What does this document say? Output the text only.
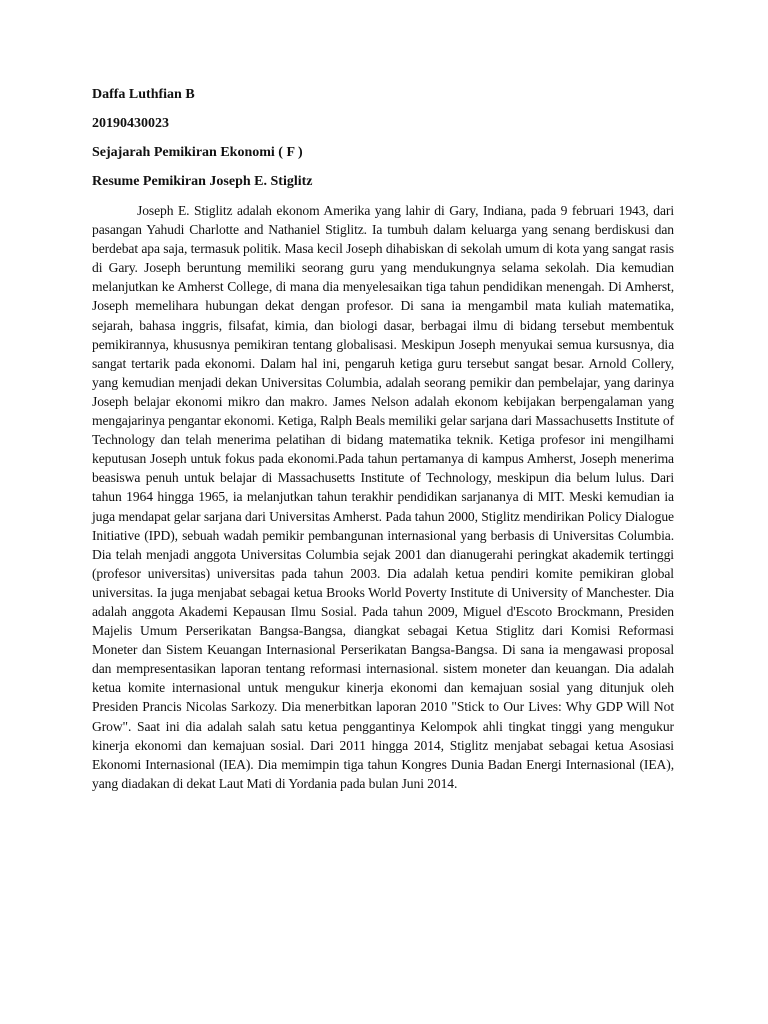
Daffa Luthfian B
20190430023
Sejajarah Pemikiran Ekonomi ( F )
Resume Pemikiran Joseph E. Stiglitz

Joseph E. Stiglitz adalah ekonom Amerika yang lahir di Gary, Indiana, pada 9 februari 1943, dari pasangan Yahudi Charlotte and Nathaniel Stiglitz. Ia tumbuh dalam keluarga yang senang berdiskusi dan berdebat apa saja, termasuk politik. Masa kecil Joseph dihabiskan di sekolah umum di kota yang sangat rasis di Gary. Joseph beruntung memiliki seorang guru yang mendukungnya selama sekolah. Dia kemudian melanjutkan ke Amherst College, di mana dia menyelesaikan tiga tahun pendidikan menengah. Di Amherst, Joseph memelihara hubungan dekat dengan profesor. Di sana ia mengambil mata kuliah matematika, sejarah, bahasa inggris, filsafat, kimia, dan biologi dasar, berbagai ilmu di bidang tersebut membentuk pemikirannya, khususnya pemikiran tentang globalisasi. Meskipun Joseph menyukai semua kursusnya, dia sangat tertarik pada ekonomi. Dalam hal ini, pengaruh ketiga guru tersebut sangat besar. Arnold Collery, yang kemudian menjadi dekan Universitas Columbia, adalah seorang pemikir dan pembelajar, yang darinya Joseph belajar ekonomi mikro dan makro. James Nelson adalah ekonom kebijakan berpengalaman yang mengajarinya pengantar ekonomi. Ketiga, Ralph Beals memiliki gelar sarjana dari Massachusetts Institute of Technology dan telah menerima pelatihan di bidang matematika teknik. Ketiga profesor ini mengilhami keputusan Joseph untuk fokus pada ekonomi.Pada tahun pertamanya di kampus Amherst, Joseph menerima beasiswa penuh untuk belajar di Massachusetts Institute of Technology, meskipun dia belum lulus. Dari tahun 1964 hingga 1965, ia melanjutkan tahun terakhir pendidikan sarjananya di MIT. Meski kemudian ia juga mendapat gelar sarjana dari Universitas Amherst. Pada tahun 2000, Stiglitz mendirikan Policy Dialogue Initiative (IPD), sebuah wadah pemikir pembangunan internasional yang berbasis di Universitas Columbia. Dia telah menjadi anggota Universitas Columbia sejak 2001 dan dianugerahi peringkat akademik tertinggi (profesor universitas) universitas pada tahun 2003. Dia adalah ketua pendiri komite pemikiran global universitas. Ia juga menjabat sebagai ketua Brooks World Poverty Institute di University of Manchester. Dia adalah anggota Akademi Kepausan Ilmu Sosial. Pada tahun 2009, Miguel d'Escoto Brockmann, Presiden Majelis Umum Perserikatan Bangsa-Bangsa, diangkat sebagai Ketua Stiglitz dari Komisi Reformasi Moneter dan Sistem Keuangan Internasional Perserikatan Bangsa-Bangsa. Di sana ia mengawasi proposal dan mempresentasikan laporan tentang reformasi internasional. sistem moneter dan keuangan. Dia adalah ketua komite internasional untuk mengukur kinerja ekonomi dan kemajuan sosial yang ditunjuk oleh Presiden Prancis Nicolas Sarkozy. Dia menerbitkan laporan 2010 "Stick to Our Lives: Why GDP Will Not Grow". Saat ini dia adalah salah satu ketua penggantinya Kelompok ahli tingkat tinggi yang mengukur kinerja ekonomi dan kemajuan sosial. Dari 2011 hingga 2014, Stiglitz menjabat sebagai ketua Asosiasi Ekonomi Internasional (IEA). Dia memimpin tiga tahun Kongres Dunia Badan Energi Internasional (IEA), yang diadakan di dekat Laut Mati di Yordania pada bulan Juni 2014.
